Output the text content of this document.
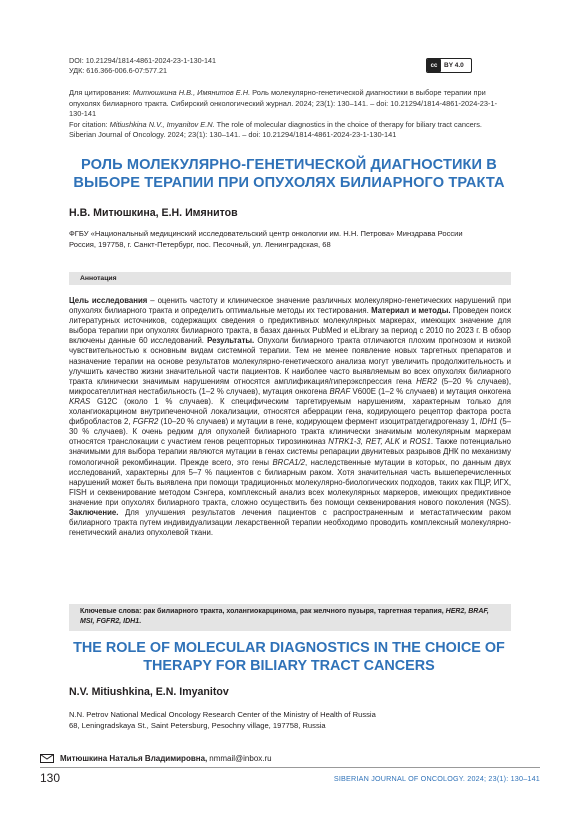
DOI: 10.21294/1814-4861-2024-23-1-130-141
УДК: 616.366-006.6-07:577.21
cc	BY 4.0

Для цитирования: Митюшкина Н.В., Имянитов Е.Н. Роль молекулярно-генетической диагностики в выборе терапии при опухолях билиарного тракта. Сибирский онкологический журнал. 2024; 23(1): 130–141. – doi: 10.21294/1814-4861-2024-23-1-130-141

For citation: Mitiushkina N.V., Imyanitov E.N. The role of molecular diagnostics in the choice of therapy for biliary tract cancers. Siberian Journal of Oncology. 2024; 23(1): 130–141. – doi: 10.21294/1814-4861-2024-23-1-130-141

РОЛЬ МОЛЕКУЛЯРНО-ГЕНЕТИЧЕСКОЙ ДИАГНОСТИКИ В ВЫБОРЕ ТЕРАПИИ ПРИ ОПУХОЛЯХ БИЛИАРНОГО ТРАКТА
Н.В. Митюшкина, Е.Н. Имянитов
ФГБУ «Национальный медицинский исследовательский центр онкологии им. Н.Н. Петрова» Минздрава России
Россия, 197758, г. Санкт-Петербург, пос. Песочный, ул. Ленинградская, 68
Аннотация
Цель исследования – оценить частоту и клиническое значение различных молекулярно-генетических нарушений при опухолях билиарного тракта и определить оптимальные методы их тестирования. Материал и методы. Проведен поиск литературных источников, содержащих сведения о предиктивных молекулярных маркерах, имеющих значение для выбора терапии при опухолях билиарного тракта, в базах данных PubMed и eLibrary за период с 2010 по 2023 г. В обзор включены данные 60 исследований. Результаты. Опухоли билиарного тракта отличаются плохим прогнозом и низкой чувствительностью к основным видам системной терапии. Тем не менее появление новых таргетных препаратов и назначение терапии на основе результатов молекулярно-генетического анализа могут увеличить продолжительность и улучшить качество жизни значительной части пациентов. К наиболее часто выявляемым во всех опухолях билиарного тракта клинически значимым нарушениям относятся амплификация/гиперэкспрессия гена HER2 (5–20 % случаев), микросателлитная нестабильность (1–2 % случаев), мутация онкогена BRAF V600E (1–2 % случаев) и мутация онкогена KRAS G12C (около 1 % случаев). К специфическим таргетируемым нарушениям, характерным только для холангиокарцином внутрипеченочной локализации, относятся аберрации гена, кодирующего рецептор фактора роста фибробластов 2, FGFR2 (10–20 % случаев) и мутации в гене, кодирующем фермент изоцитратдегидрогеназу 1, IDH1 (5–30 % случаев). К очень редким для опухолей билиарного тракта клинически значимым молекулярным маркерам относятся транслокации с участием генов рецепторных тирозинкиназ NTRK1-3, RET, ALK и ROS1. Также потенциально значимыми для выбора терапии являются мутации в генах системы репарации двунитевых разрывов ДНК по механизму гомологичной рекомбинации. Прежде всего, это гены BRCA1/2, наследственные мутации в которых, по данным двух исследований, характерны для 5–7 % пациентов с билиарным раком. Хотя значительная часть вышеперечисленных нарушений может быть выявлена при помощи традиционных молекулярно-биологических подходов, таких как ПЦР, ИГХ, FISH и секвенирование методом Сэнгера, комплексный анализ всех молекулярных маркеров, имеющих предиктивное значение при опухолях билиарного тракта, сложно осуществить без помощи секвенирования нового поколения (NGS). Заключение. Для улучшения результатов лечения пациентов с распространенным и метастатическим раком билиарного тракта путем индивидуализации лекарственной терапии необходимо проводить комплексный молекулярно-генетический анализ опухолевой ткани.
Ключевые слова: рак билиарного тракта, холангиокарцинома, рак желчного пузыря, таргетная терапия, HER2, BRAF, MSI, FGFR2, IDH1.
THE ROLE OF MOLECULAR DIAGNOSTICS IN THE CHOICE OF THERAPY FOR BILIARY TRACT CANCERS
N.V. Mitiushkina, E.N. Imyanitov
N.N. Petrov National Medical Oncology Research Center of the Ministry of Health of Russia
68, Leningradskaya St., Saint Petersburg, Pesochny village, 197758, Russia
Митюшкина Наталья Владимировна, nmmail@inbox.ru
130	SIBERIAN JOURNAL OF ONCOLOGY. 2024; 23(1): 130–141
